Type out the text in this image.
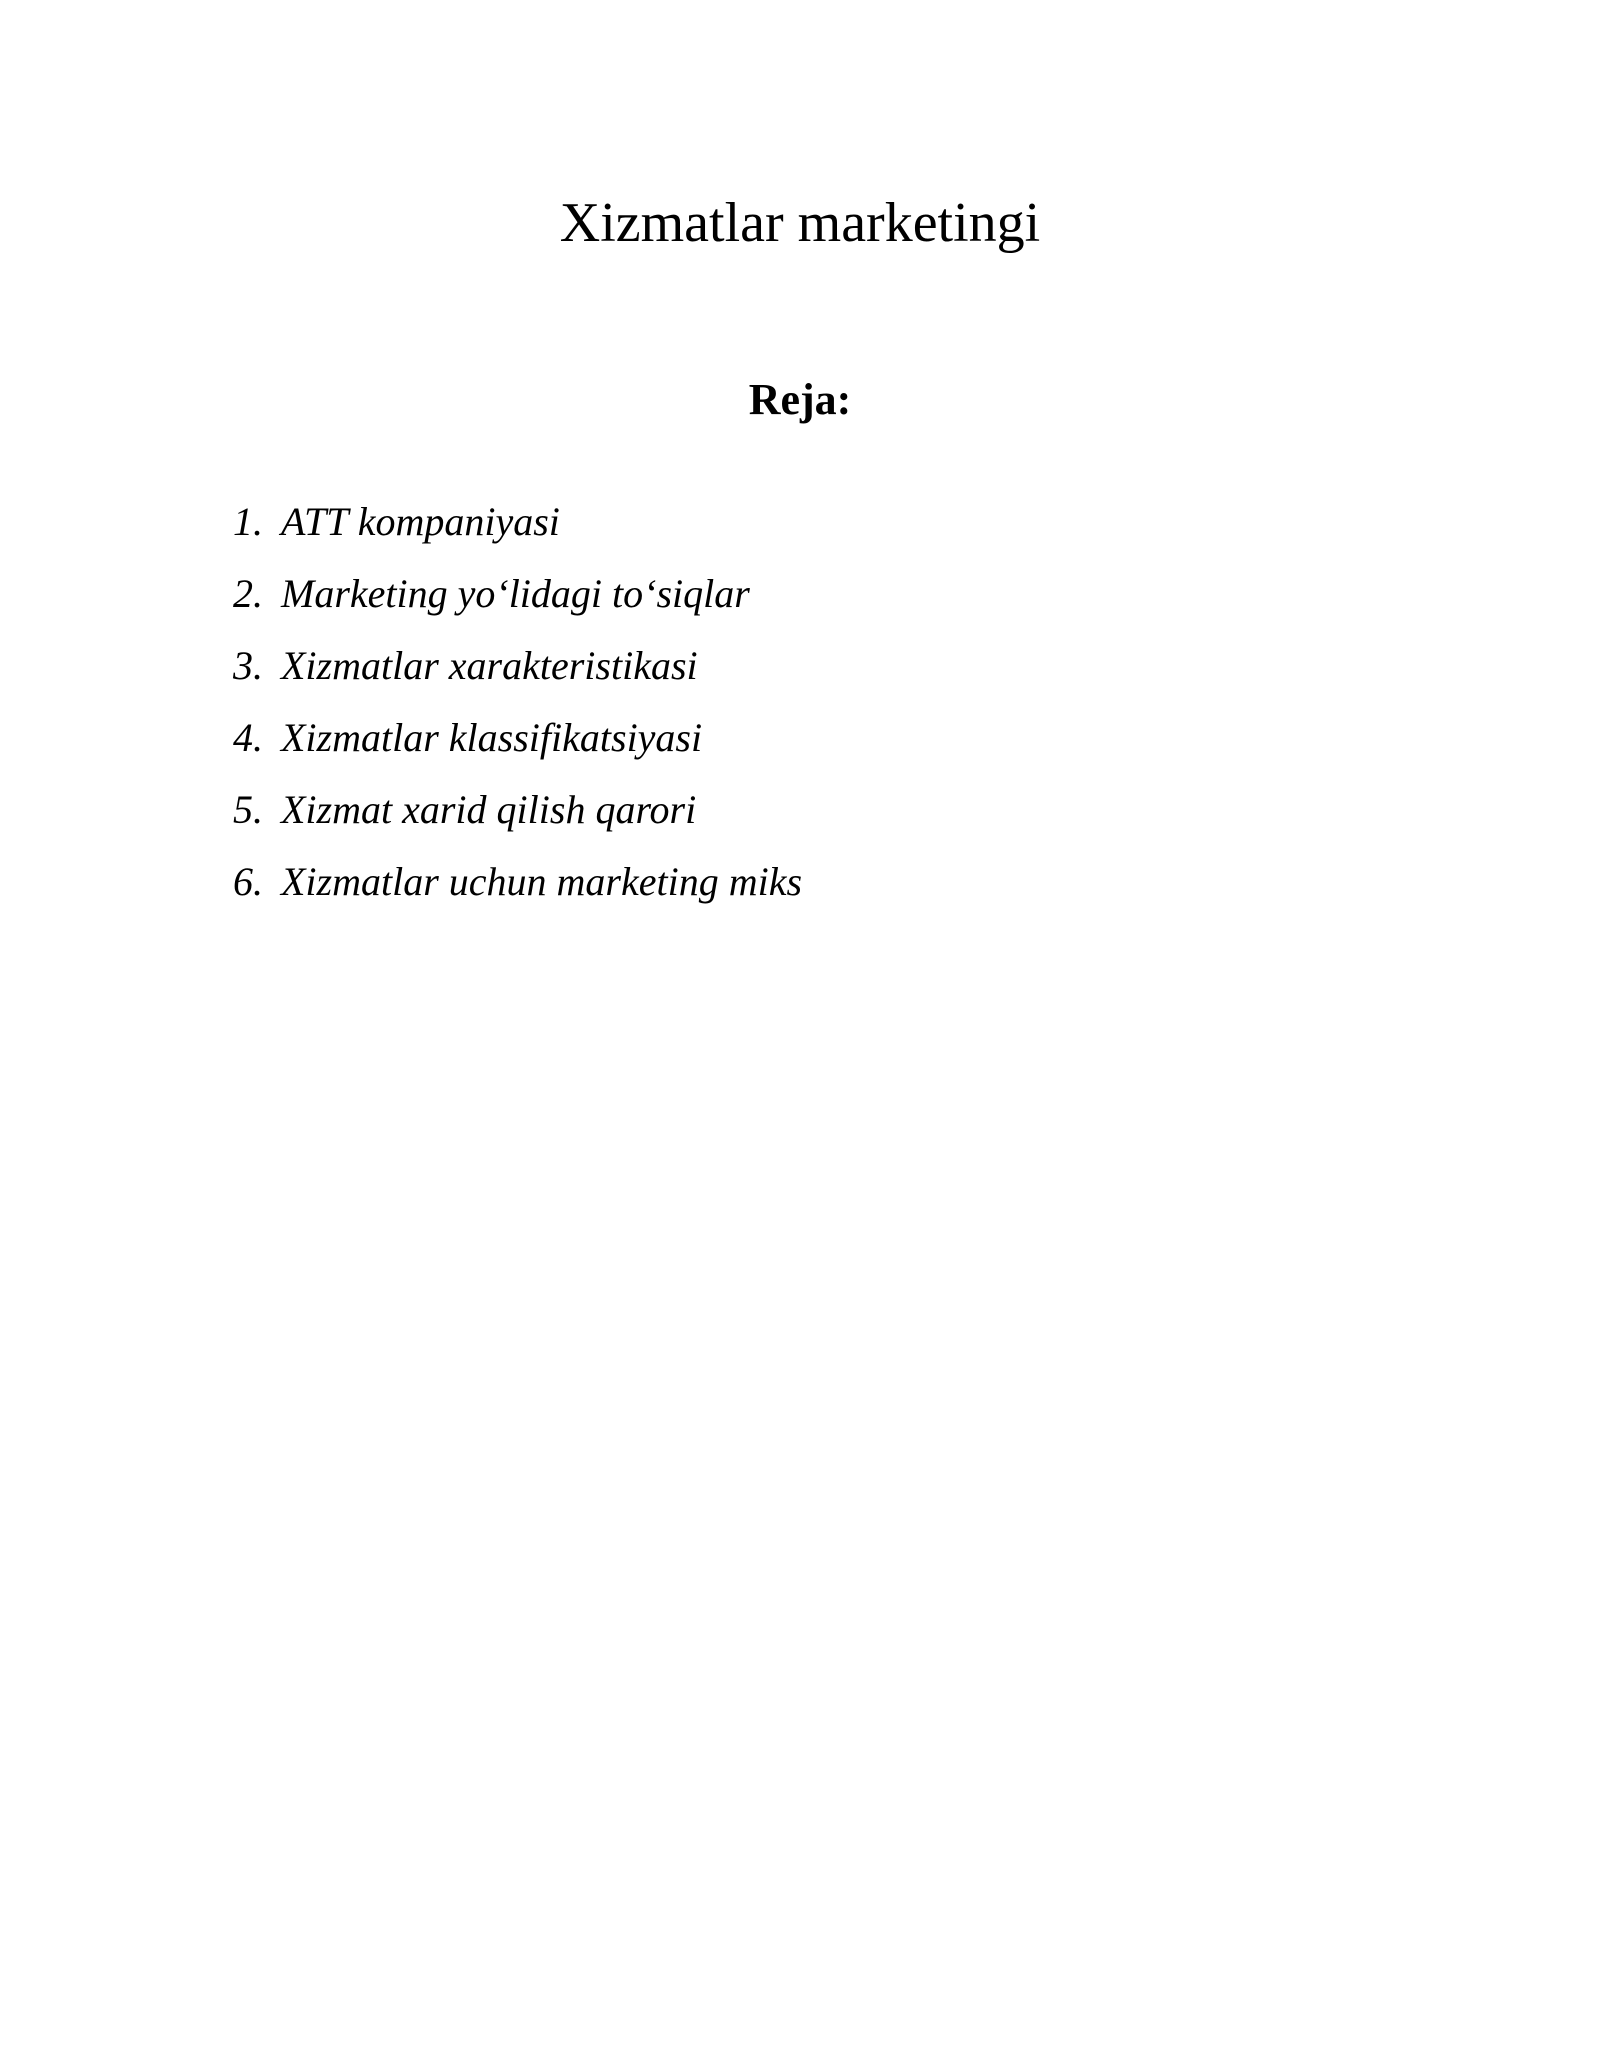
Xizmatlar marketingi
Reja:
1. ATT kompaniyasi
2. Marketing yo‘lidagi to‘siqlar
3. Xizmatlar xarakteristikasi
4. Xizmatlar klassifikatsiyasi
5. Xizmat xarid qilish qarori
6. Xizmatlar uchun marketing miks
